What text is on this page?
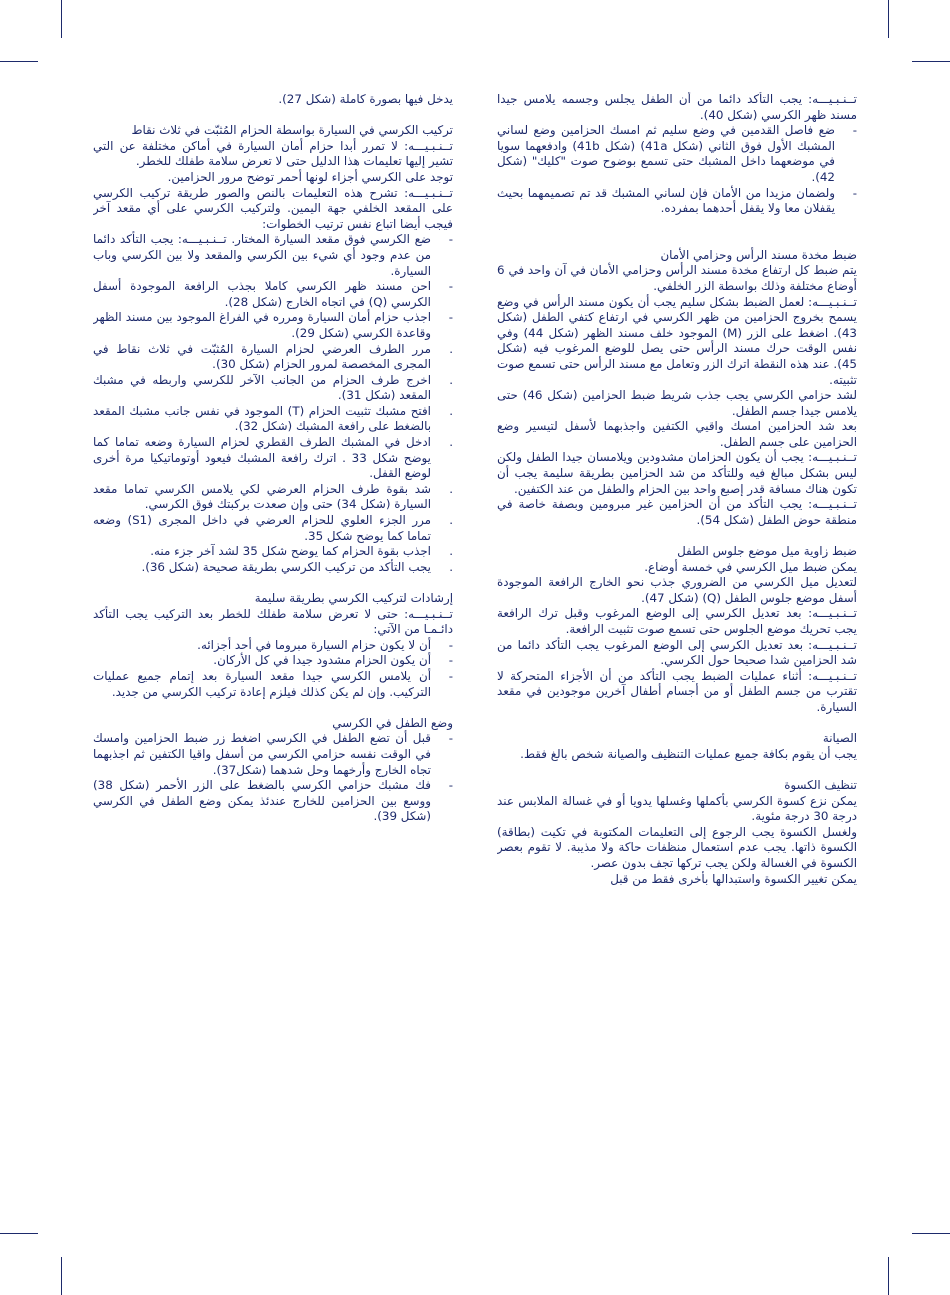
تــنـبـيـــه: يجب التأكد دائما من أن الطفل يجلس وجسمه يلامس جيدا مسند ظهر الكرسي (شكل 40).

-
ضع فاصل القدمين في وضع سليم ثم امسك الحزامين وضع لساني المشبك الأول فوق الثاني (شكل 41a) (شكل 41b) وادفعهما سويا في موضعهما داخل المشبك حتى تسمع بوضوح صوت "كليك" (شكل 42).
-
ولضمان مزيدا من الأمان فإن لساني المشبك قد تم تصميمهما بحيث يقفلان معا ولا يقفل أحدهما بمفرده.

ضبط مخدة مسند الرأس وحزامي الأمان

يتم ضبط كل ارتفاع مخدة مسند الرأس وحزامي الأمان في آن واحد في 6 أوضاع مختلفة وذلك بواسطة الزر الخلفي.

تــنـبـيـــه: لعمل الضبط بشكل سليم يجب أن يكون مسند الرأس في وضع يسمح بخروج الحزامين من ظهر الكرسي في ارتفاع كتفي الطفل (شكل 43). اضغط على الزر (M) الموجود خلف مسند الظهر (شكل 44) وفي نفس الوقت حرك مسند الرأس حتى يصل للوضع المرغوب فيه (شكل 45). عند هذه النقطة اترك الزر وتعامل مع مسند الرأس حتى تسمع صوت تثبيته.

لشد حزامي الكرسي يجب جذب شريط ضبط الحزامين (شكل 46) حتى يلامس جيدا جسم الطفل.

بعد شد الحزامين امسك واقيي الكتفين واجذبهما لأسفل لتيسير وضع الحزامين على جسم الطفل.

تــنـبـيـــه: يجب أن يكون الحزامان مشدودين ويلامسان جيدا الطفل ولكن ليس بشكل مبالغ فيه وللتأكد من شد الحزامين بطريقة سليمة يجب أن تكون هناك مسافة قدر إصبع واحد بين الحزام والطفل من عند الكتفين.

تــنـبـيـــه: يجب التأكد من أن الحزامين غير مبرومين وبصفة خاصة في منطقة حوض الطفل (شكل 54).

ضبط زاوية ميل موضع جلوس الطفل

يمكن ضبط ميل الكرسي في خمسة أوضاع.

لتعديل ميل الكرسي من الضروري جذب نحو الخارج الرافعة الموجودة أسفل موضع جلوس الطفل (Q) (شكل 47).

تــنـبـيـــه: بعد تعديل الكرسي إلى الوضع المرغوب وقبل ترك الرافعة يجب تحريك موضع الجلوس حتى تسمع صوت تثبيت الرافعة.

تــنـبـيـــه: بعد تعديل الكرسي إلى الوضع المرغوب يجب التأكد دائما من شد الحزامين شدا صحيحا حول الكرسي.

تــنـبـيـــه: أثناء عمليات الضبط يجب التأكد من أن الأجزاء المتحركة لا تقترب من جسم الطفل أو من أجسام أطفال آخرين موجودين في مقعد السيارة.

الصيانة

يجب أن يقوم بكافة جميع عمليات التنظيف والصيانة شخص بالغ فقط.

تنظيف الكسوة

يمكن نزع كسوة الكرسي بأكملها وغسلها يدويا أو في غسالة الملابس عند درجة 30 درجة مئوية.

ولغسل الكسوة يجب الرجوع إلى التعليمات المكتوبة في تكيت (بطاقة) الكسوة ذاتها. يجب عدم استعمال منظفات حاكة ولا مذيبة. لا تقوم بعصر الكسوة في الغسالة ولكن يجب تركها تجف بدون عصر.

يمكن تغيير الكسوة واستبدالها بأخرى فقط من قبل

يدخل فيها بصورة كاملة (شكل 27).

تركيب الكرسي في السيارة بواسطة الحزام المُثبّت في ثلاث نقاط

تــنـبـيـــه: لا تمرر أبدا حزام أمان السيارة في أماكن مختلفة عن التي تشير إليها تعليمات هذا الدليل حتى لا تعرض سلامة طفلك للخطر.

توجد على الكرسي أجزاء لونها أحمر توضح مرور الحزامين.

تــنـبـيـــه: تشرح هذه التعليمات بالنص والصور طريقة تركيب الكرسي على المقعد الخلفي جهة اليمين. ولتركيب الكرسي على أي مقعد آخر فيجب أيضا اتباع نفس ترتيب الخطوات:

-
ضع الكرسي فوق مقعد السيارة المختار. تــنـبـيـــه: يجب التأكد دائما من عدم وجود أي شيء بين الكرسي والمقعد ولا بين الكرسي وباب السيارة.
-
احن مسند ظهر الكرسي كاملا بجذب الرافعة الموجودة أسفل الكرسي (Q) في اتجاه الخارج (شكل 28).
-
اجذب حزام أمان السيارة ومرره في الفراغ الموجود بين مسند الظهر وقاعدة الكرسي (شكل 29).
.
مرر الطرف العرضي لحزام السيارة المُثبّت في ثلاث نقاط في المجرى المخصصة لمرور الحزام (شكل 30).
.
اخرج طرف الحزام من الجانب الآخر للكرسي واربطه في مشبك المقعد (شكل 31).
.
افتح مشبك تثبيت الحزام (T) الموجود في نفس جانب مشبك المقعد بالضغط على رافعة المشبك (شكل 32).
.
ادخل في المشبك الطرف القطري لحزام السيارة وضعه تماما كما يوضح شكل 33 . اترك رافعة المشبك فيعود أوتوماتيكيا مرة أخرى لوضع القفل.
.
شد بقوة طرف الحزام العرضي لكي يلامس الكرسي تماما مقعد السيارة (شكل 34) حتى وإن صعدت بركبتك فوق الكرسي.
.
مرر الجزء العلوي للحزام العرضي في داخل المجرى (S1) وضعه تماما كما يوضح شكل 35.
.
اجذب بقوة الحزام كما يوضح شكل 35 لشد آخر جزء منه.
.
يجب التأكد من تركيب الكرسي بطريقة صحيحة (شكل 36).

إرشادات لتركيب الكرسي بطريقة سليمة

تــنـبـيـــه: حتى لا تعرض سلامة طفلك للخطر بعد التركيب يجب التأكد دائـمـا من الآتي:

-
أن لا يكون حزام السيارة مبروما في أحد أجزائه.
-
أن يكون الحزام مشدود جيدا في كل الأركان.
-
أن يلامس الكرسي جيدا مقعد السيارة بعد إتمام جميع عمليات التركيب. وإن لم يكن كذلك فيلزم إعادة تركيب الكرسي من جديد.

وضع الطفل في الكرسي

-
قبل أن تضع الطفل في الكرسي اضغط زر ضبط الحزامين وامسك في الوقت نفسه حزامي الكرسي من أسفل واقيا الكتفين ثم اجذبهما تجاه الخارج وأرخهما وحل شدهما (شكل37).
-
فك مشبك حزامي الكرسي بالضغط على الزر الأحمر (شكل 38) ووسع بين الحزامين للخارج عندئذ يمكن وضع الطفل في الكرسي (شكل 39).
